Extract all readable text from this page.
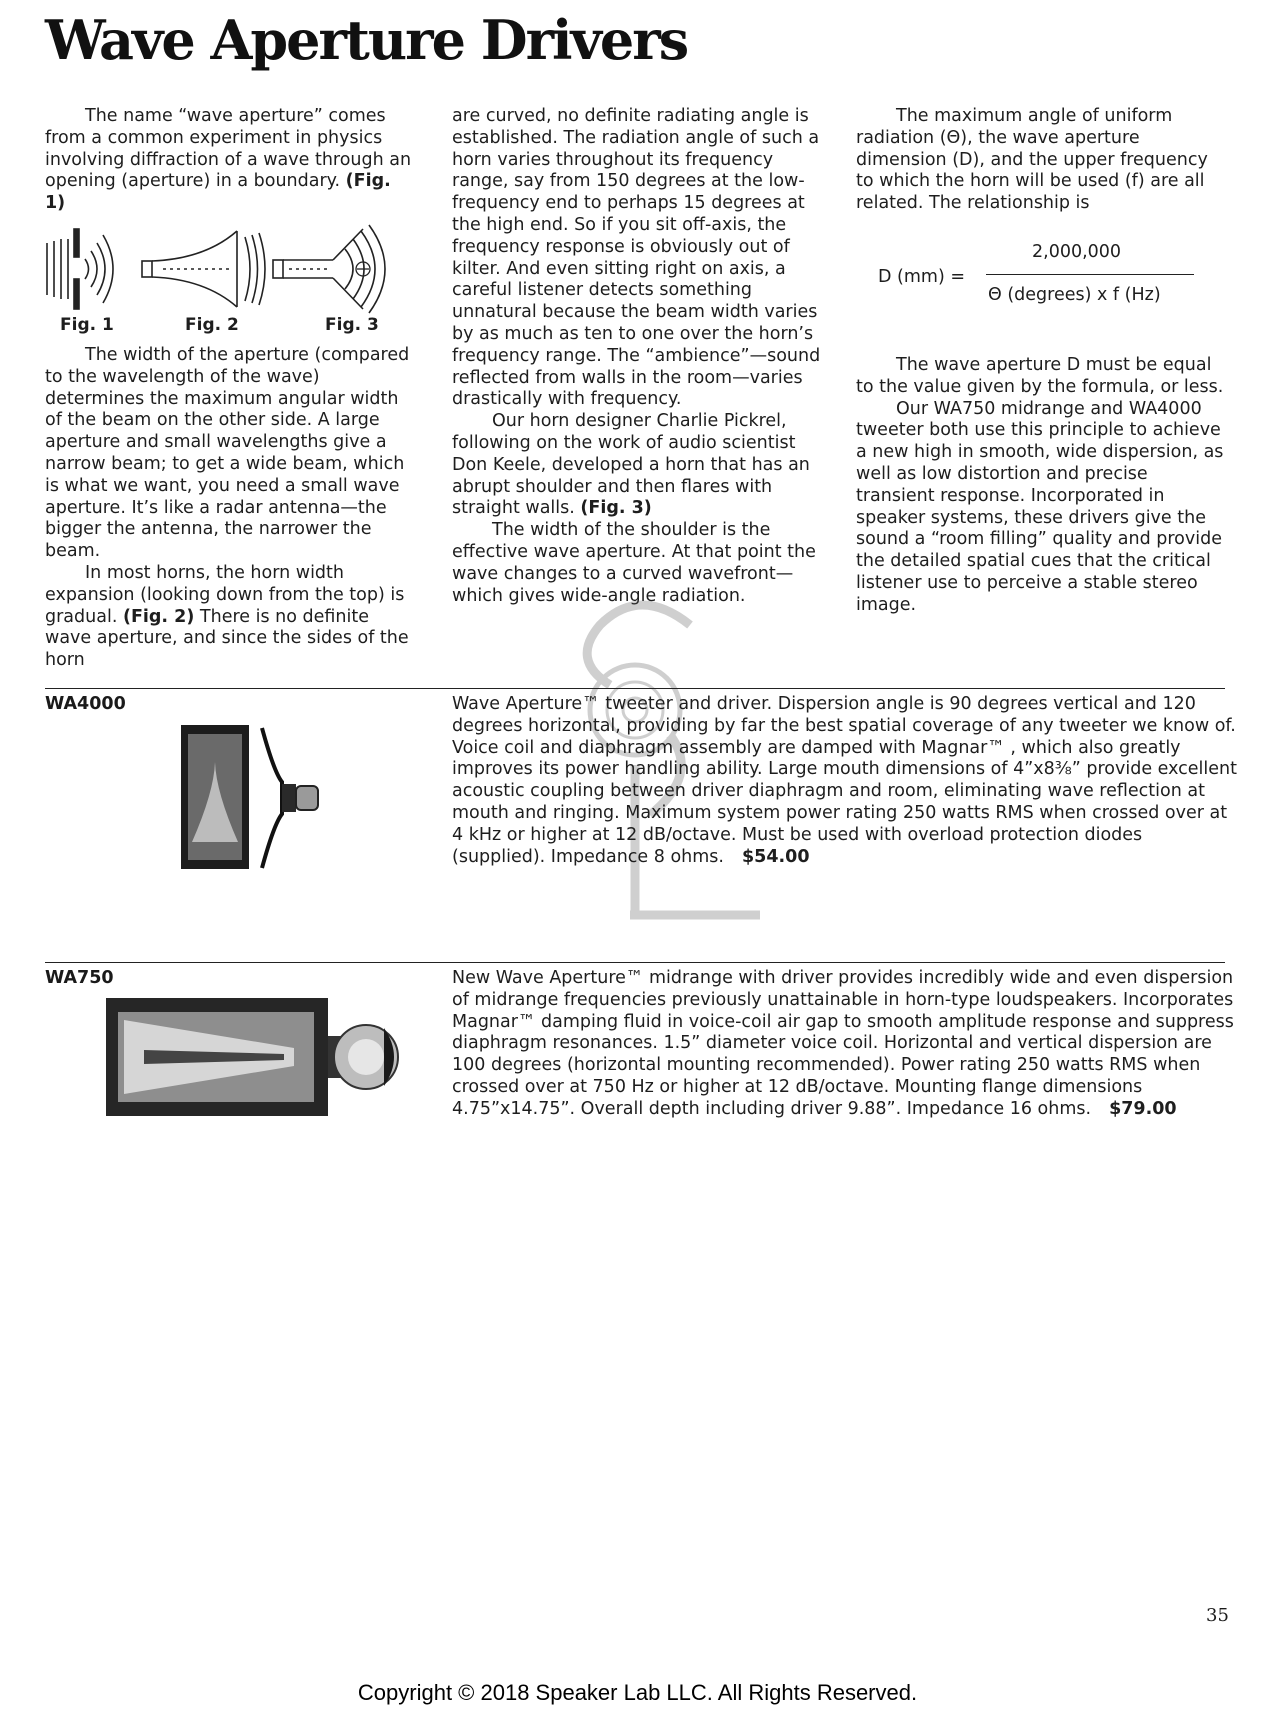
Wave Aperture Drivers

The name “wave aperture” comes from a common experiment in physics involving diffraction of a wave through an opening (aperture) in a boundary. (Fig. 1)

Fig. 1	Fig. 2	Fig. 3

The width of the aperture (compared to the wavelength of the wave) determines the maximum angular width of the beam on the other side. A large aperture and small wavelengths give a narrow beam; to get a wide beam, which is what we want, you need a small wave aperture. It’s like a radar antenna—the bigger the antenna, the narrower the beam.

In most horns, the horn width expansion (looking down from the top) is gradual. (Fig. 2) There is no definite wave aperture, and since the sides of the horn

are curved, no definite radiating angle is established. The radiation angle of such a horn varies throughout its frequency range, say from 150 degrees at the low-frequency end to perhaps 15 degrees at the high end. So if you sit off-axis, the frequency response is obviously out of kilter. And even sitting right on axis, a careful listener detects something unnatural because the beam width varies by as much as ten to one over the horn’s frequency range. The “ambience”—sound reflected from walls in the room—varies drastically with frequency.

Our horn designer Charlie Pickrel, following on the work of audio scientist Don Keele, developed a horn that has an abrupt shoulder and then flares with straight walls. (Fig. 3)

The width of the shoulder is the effective wave aperture. At that point the wave changes to a curved wavefront—which gives wide-angle radiation.

The maximum angle of uniform radiation (Θ), the wave aperture dimension (D), and the upper frequency to which the horn will be used (f) are all related. The relationship is

D (mm) =
2,000,000
Θ (degrees) x f (Hz)

The wave aperture D must be equal to the value given by the formula, or less.

Our WA750 midrange and WA4000 tweeter both use this principle to achieve a new high in smooth, wide dispersion, as well as low distortion and precise transient response. Incorporated in speaker systems, these drivers give the sound a “room filling” quality and provide the detailed spatial cues that the critical listener use to perceive a stable stereo image.

WA4000	Wave Aperture™ tweeter and driver. Dispersion angle is 90 degrees vertical and 120 degrees horizontal, providing by far the best spatial coverage of any tweeter we know of. Voice coil and diaphragm assembly are damped with Magnar™ , which also greatly improves its power handling ability. Large mouth dimensions of 4”x8⅜” provide excellent acoustic coupling between driver diaphragm and room, eliminating wave reflection at mouth and ringing. Maximum system power rating 250 watts RMS when crossed over at 4 kHz or higher at 12 dB/octave. Must be used with overload protection diodes (supplied). Impedance 8 ohms. $54.00

WA750	New Wave Aperture™ midrange with driver provides incredibly wide and even dispersion of midrange frequencies previously unattainable in horn-type loudspeakers. Incorporates Magnar™ damping fluid in voice-coil air gap to smooth amplitude response and suppress diaphragm resonances. 1.5” diameter voice coil. Horizontal and vertical dispersion are 100 degrees (horizontal mounting recommended). Power rating 250 watts RMS when crossed over at 750 Hz or higher at 12 dB/octave. Mounting flange dimensions 4.75”x14.75”. Overall depth including driver 9.88”. Impedance 16 ohms. $79.00

35
Copyright © 2018 Speaker Lab LLC. All Rights Reserved.
